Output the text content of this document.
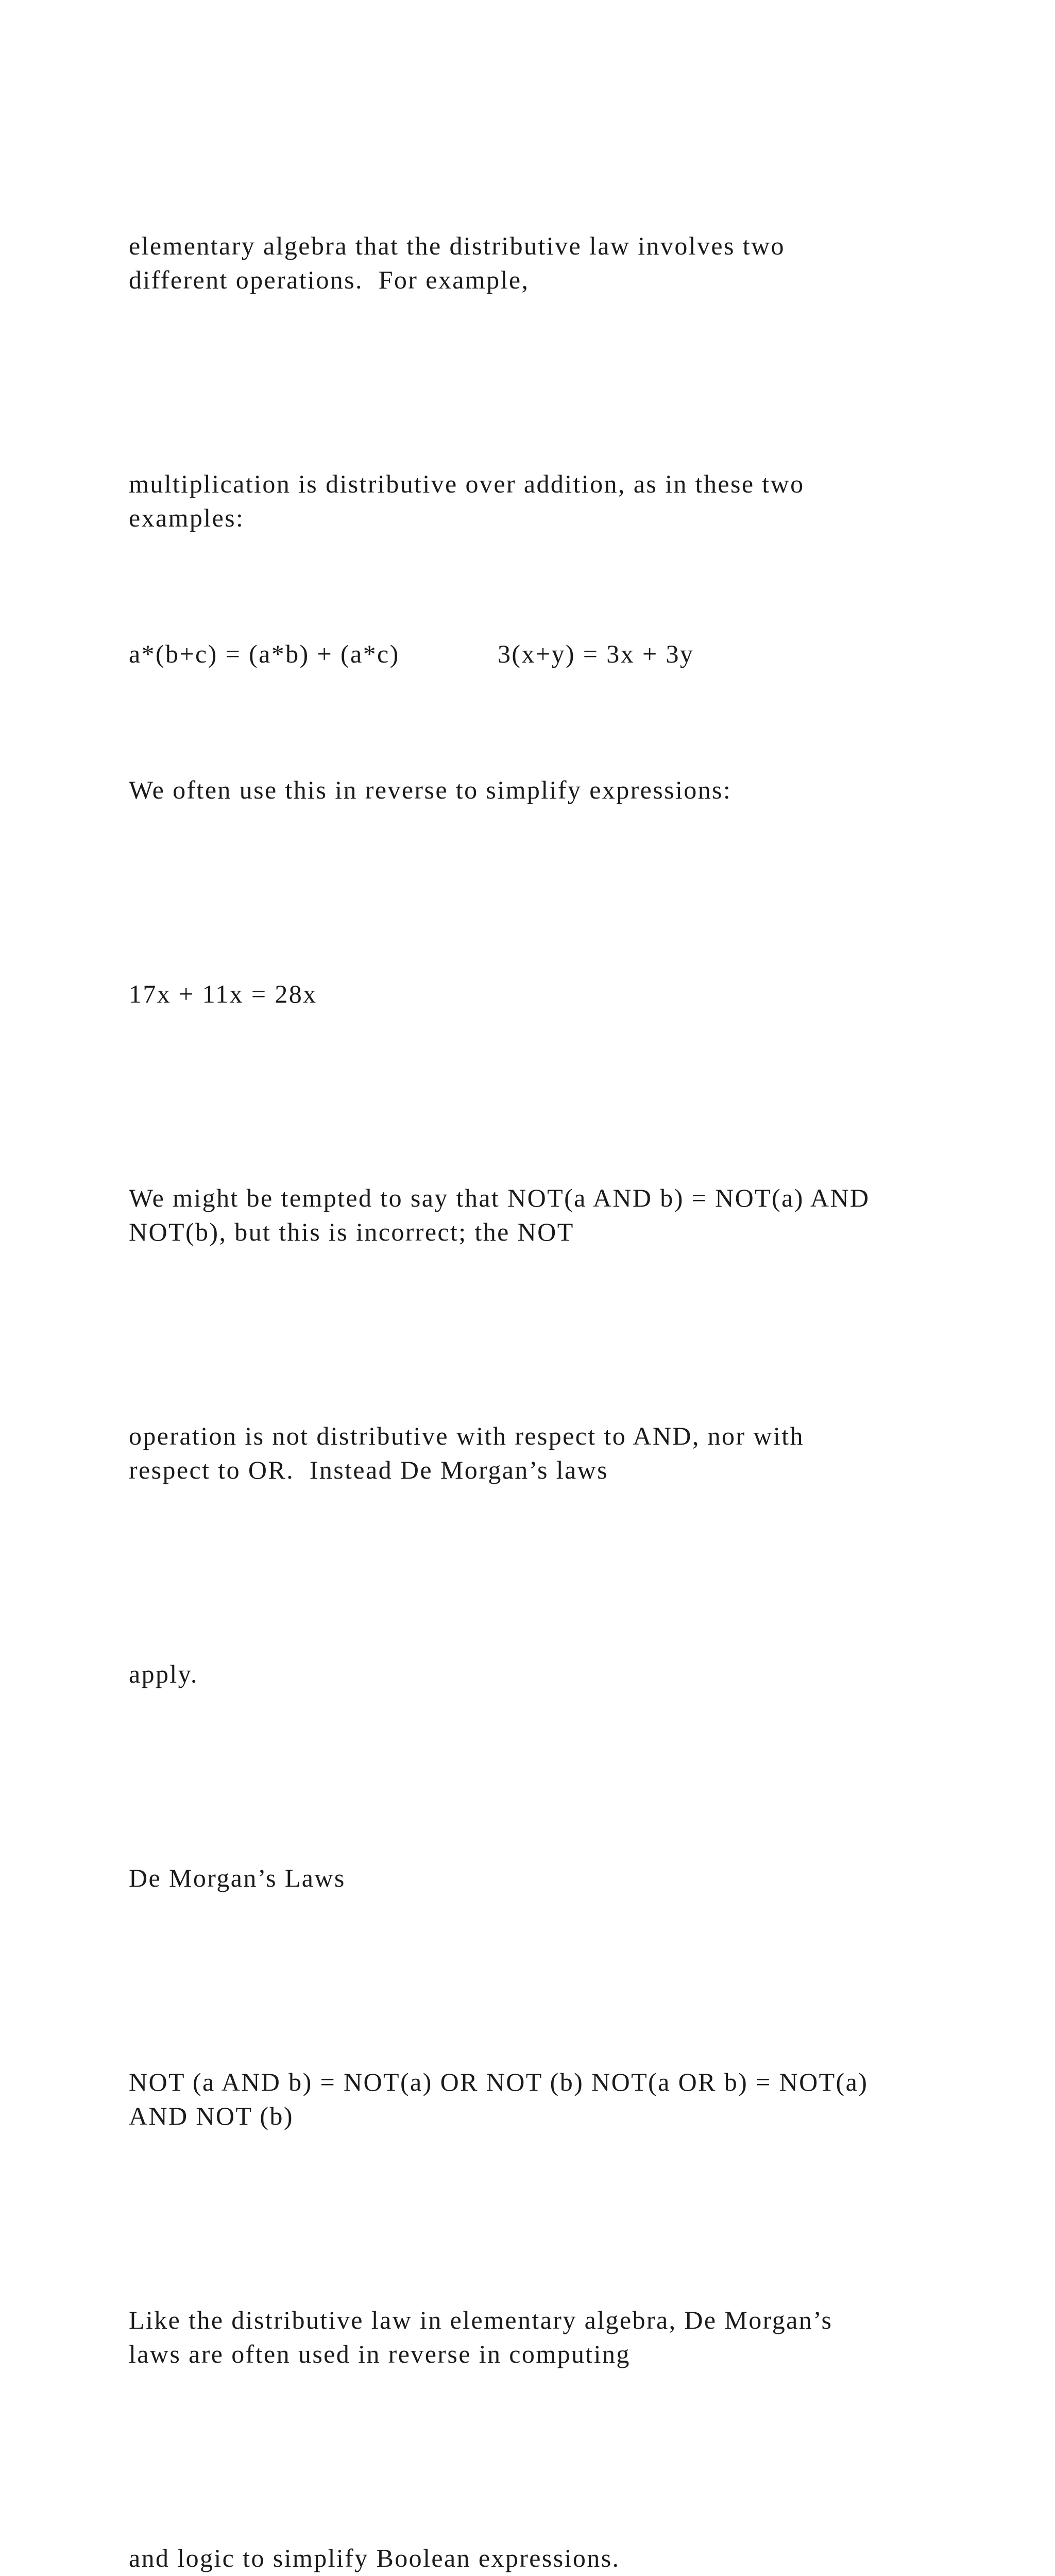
elementary algebra that the distributive law involves two
different operations.  For example,

multiplication is distributive over addition, as in these two
examples:

a*(b+c) = (a*b) + (a*c)	3(x+y) = 3x + 3y

We often use this in reverse to simplify expressions:

17x + 11x = 28x

We might be tempted to say that NOT(a AND b) = NOT(a) AND
NOT(b), but this is incorrect; the NOT

operation is not distributive with respect to AND, nor with
respect to OR.  Instead De Morgan’s laws

apply.

De Morgan’s Laws

NOT (a AND b) = NOT(a) OR NOT (b) NOT(a OR b) = NOT(a)
AND NOT (b)

Like the distributive law in elementary algebra, De Morgan’s
laws are often used in reverse in computing

and logic to simplify Boolean expressions.
